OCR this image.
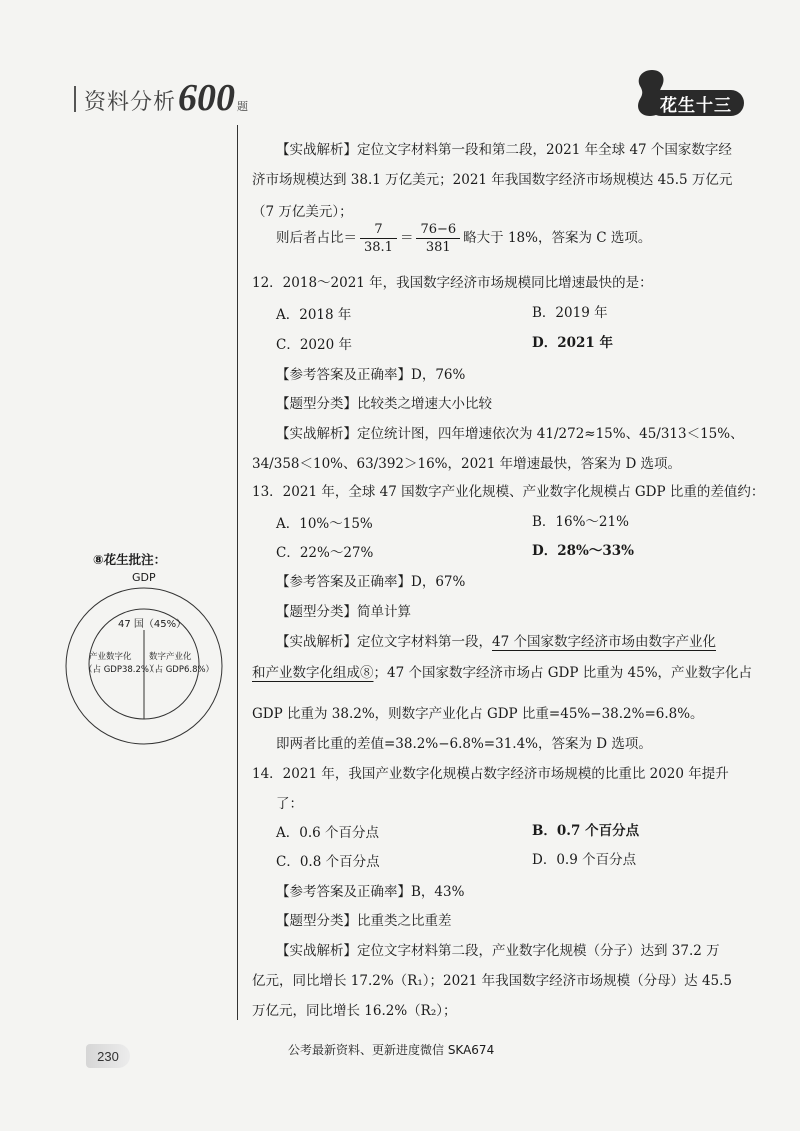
资料分析 600 题	花生十三
【实战解析】定位文字材料第一段和第二段，2021 年全球 47 个国家数字经
济市场规模达到 38.1 万亿美元；2021 年我国数字经济市场规模达 45.5 万亿元
（7 万亿美元）；
则后者占比＝ $\frac{7}{38.1} = \frac{76-6}{381}$ 略大于 18%，答案为 C 选项。
12．2018～2021 年，我国数字经济市场规模同比增速最快的是：
A．2018 年	B．2019 年
C．2020 年	D．2021 年
【参考答案及正确率】D，76%
【题型分类】比较类之增速大小比较
【实战解析】定位统计图，四年增速依次为 41/272≈15%、45/313＜15%、
34/358＜10%、63/392＞16%，2021 年增速最快，答案为 D 选项。
13．2021 年，全球 47 国数字产业化规模、产业数字化规模占 GDP 比重的差值约：
A．10%～15%	B．16%～21%
C．22%～27%	D．28%～33%
【参考答案及正确率】D，67%
【题型分类】简单计算
【实战解析】定位文字材料第一段，47 个国家数字经济市场由数字产业化
和产业数字化组成⑧；47 个国家数字经济市场占 GDP 比重为 45%，产业数字化占
GDP 比重为 38.2%，则数字产业化占 GDP 比重=45%−38.2%=6.8%。
即两者比重的差值=38.2%−6.8%=31.4%，答案为 D 选项。
14．2021 年，我国产业数字化规模占数字经济市场规模的比重比 2020 年提升
了：
A．0.6 个百分点	B．0.7 个百分点
C．0.8 个百分点	D．0.9 个百分点
【参考答案及正确率】B，43%
【题型分类】比重类之比重差
【实战解析】定位文字材料第二段，产业数字化规模（分子）达到 37.2 万
亿元，同比增长 17.2%（R₁）；2021 年我国数字经济市场规模（分母）达 45.5
万亿元，同比增长 16.2%（R₂）；
⑧花生批注：
GDP
47 国（45%）
产业数字化
（占 GDP38.2%）
数字产业化
（占 GDP6.8%）
230	公考最新资料、更新进度微信 SKA674
